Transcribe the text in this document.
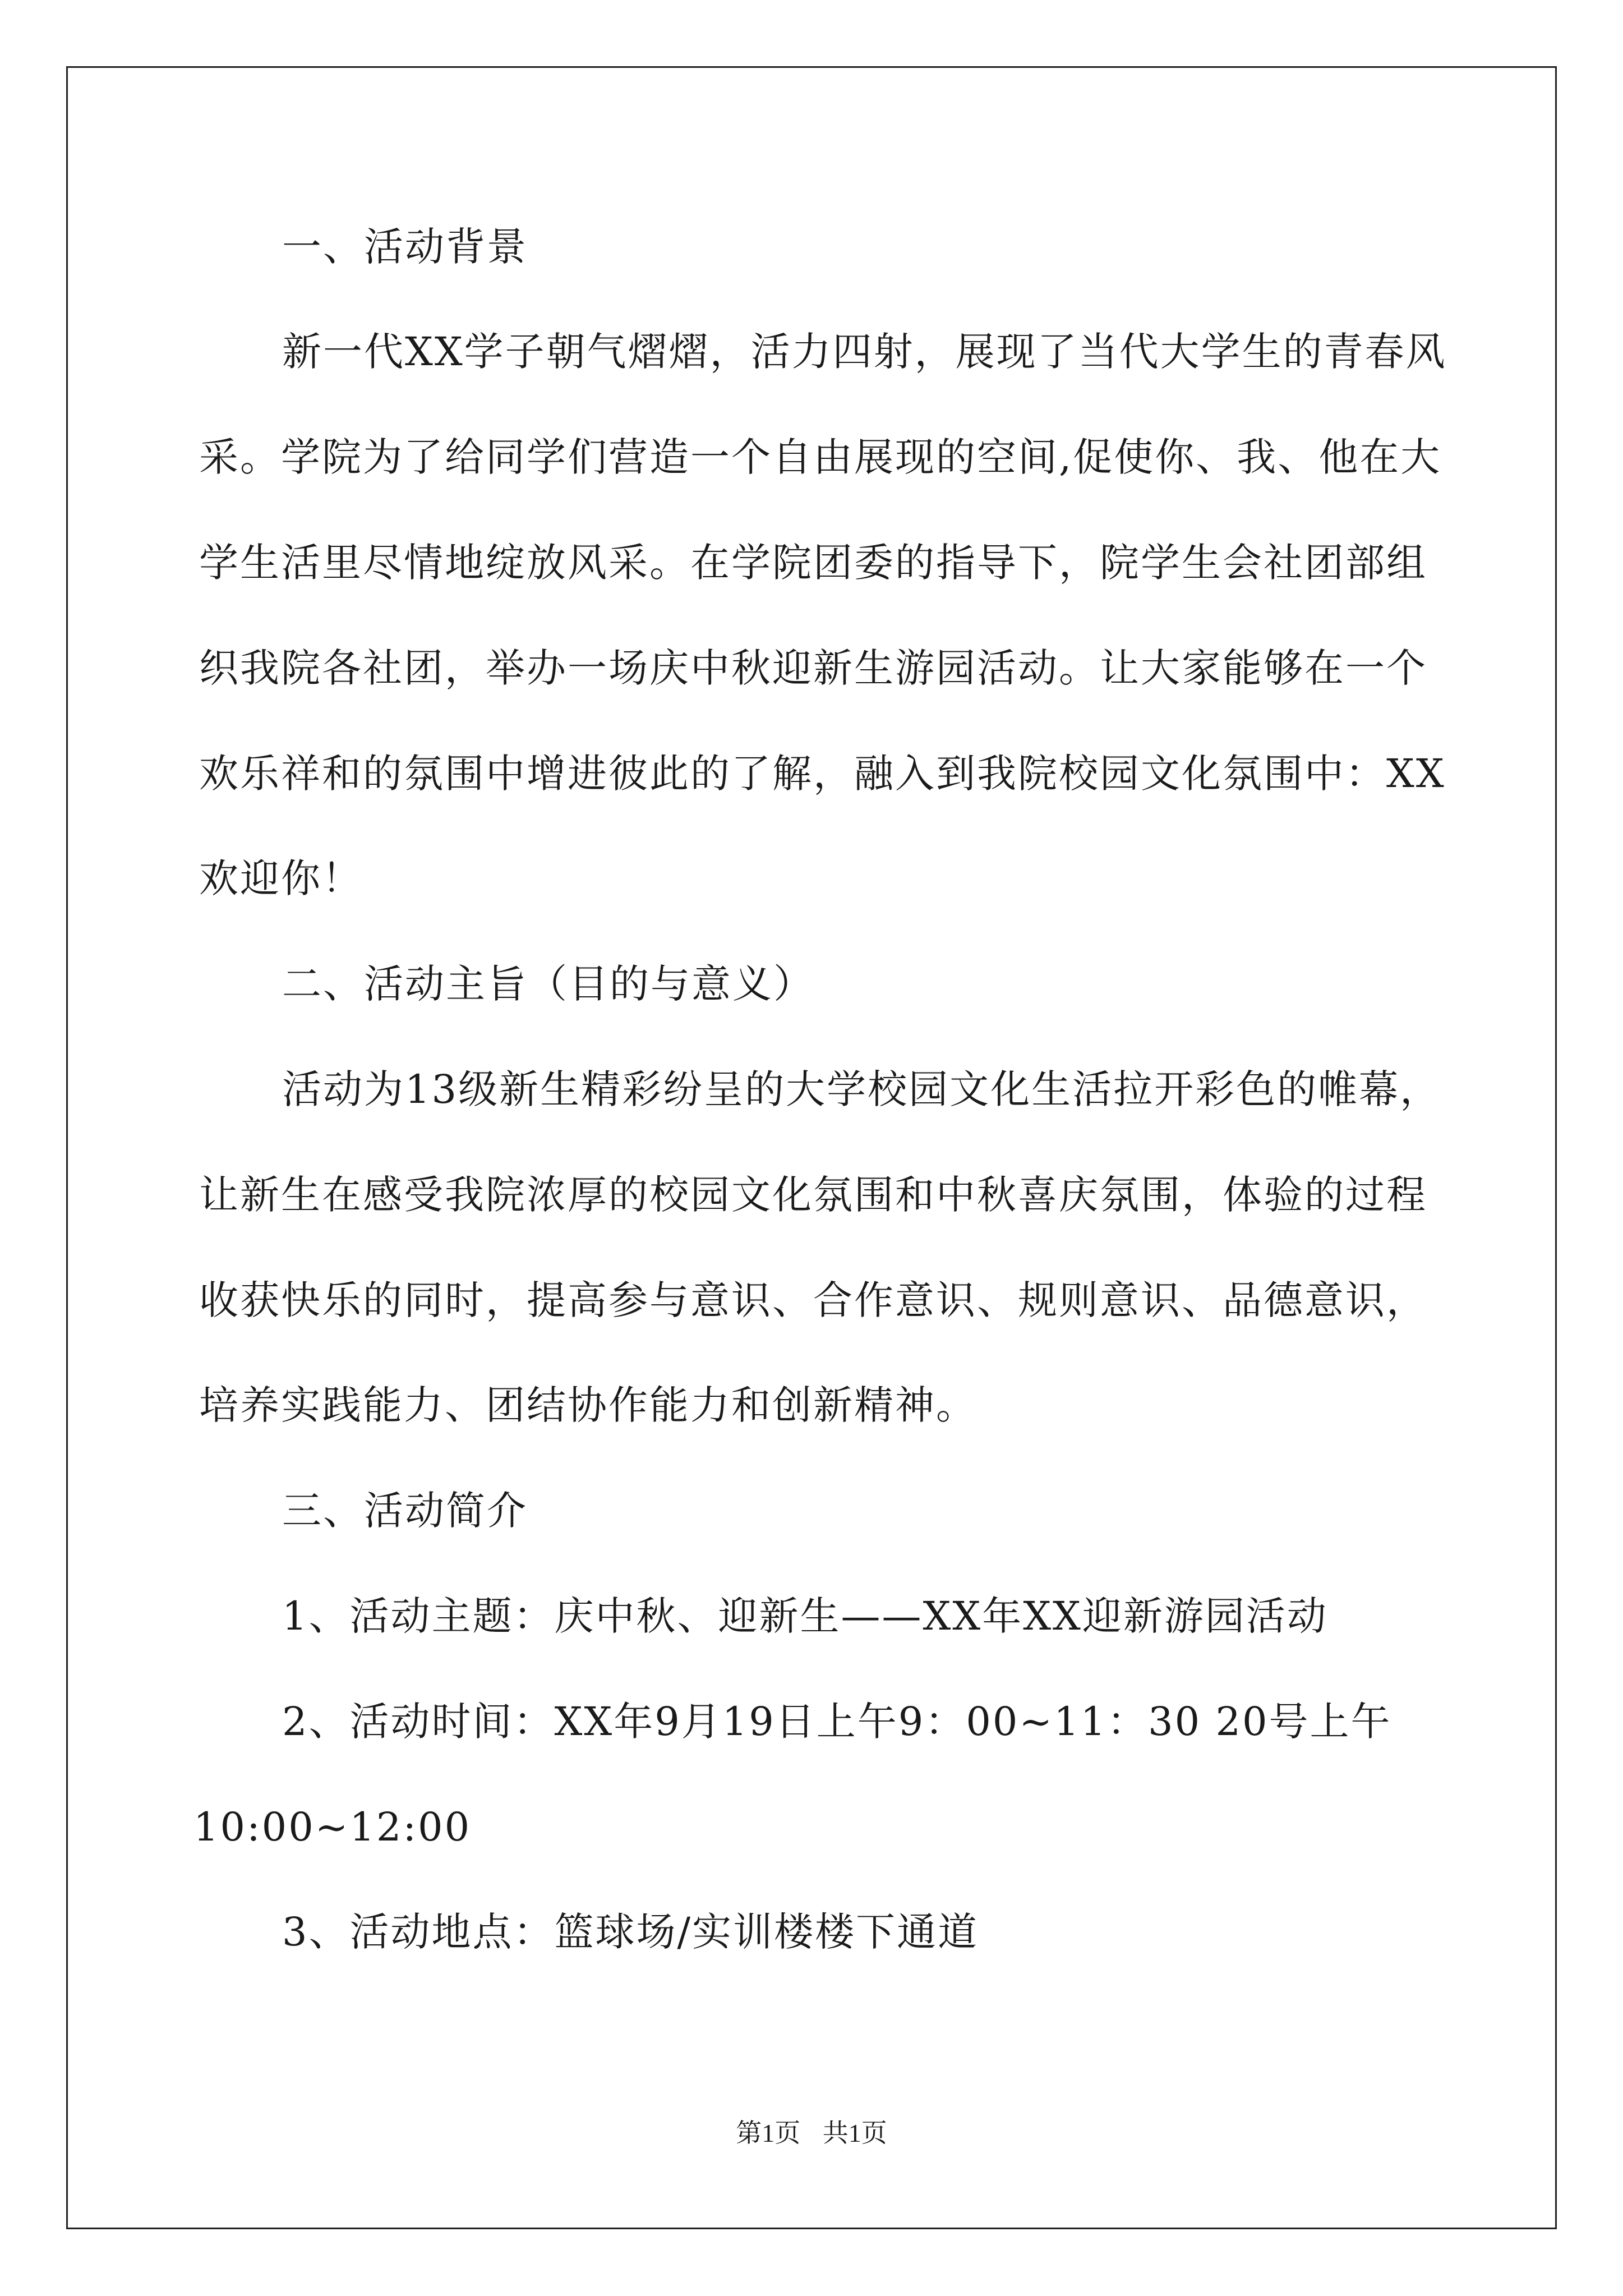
一、活动背景
新一代XX学子朝气熠熠，活力四射，展现了当代大学生的青春风
采。学院为了给同学们营造一个自由展现的空间,促使你、我、他在大
学生活里尽情地绽放风采。在学院团委的指导下，院学生会社团部组
织我院各社团，举办一场庆中秋迎新生游园活动。让大家能够在一个
欢乐祥和的氛围中增进彼此的了解，融入到我院校园文化氛围中：XX
欢迎你！
二、活动主旨（目的与意义）
活动为13级新生精彩纷呈的大学校园文化生活拉开彩色的帷幕，
让新生在感受我院浓厚的校园文化氛围和中秋喜庆氛围，体验的过程
收获快乐的同时，提高参与意识、合作意识、规则意识、品德意识，
培养实践能力、团结协作能力和创新精神。
三、活动简介
1、活动主题：庆中秋、迎新生——XX年XX迎新游园活动
2、活动时间：XX年9月19日上午9：00~11：30 20号上午
10:00~12:00
3、活动地点：篮球场/实训楼楼下通道
第1页 共1页
